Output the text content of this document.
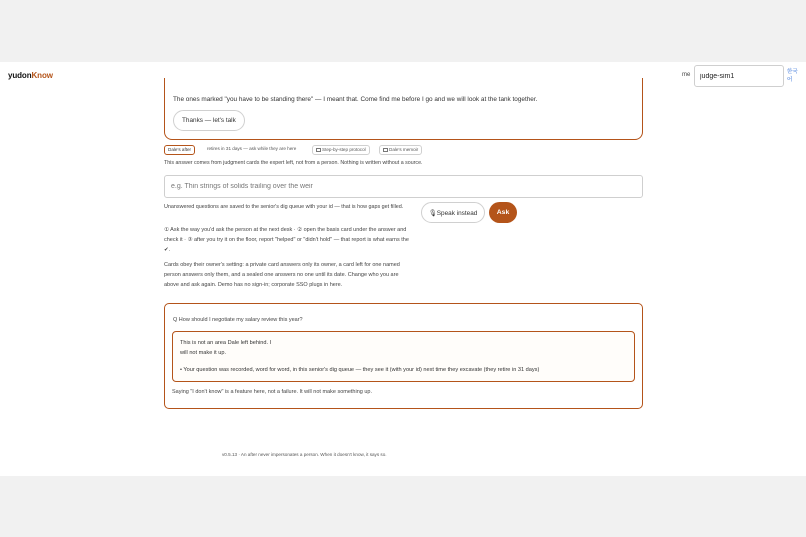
yudonKnow	me
judge-sim1	한국어

The ones marked "you have to be standing there" — I meant that. Come find me before I go and we will look at the tank together.

Thanks — let's talk
Dale's after	retires in 31 days — ask while they are here	Step-by-step protocol	Dale's memoir

This answer comes from judgment cards the expert left, not from a person. Nothing is written without a source.

e.g. Thin strings of solids trailing over the weir

Unanswered questions are saved to the senior's dig queue with your id — that is how gaps get filled.

🎙Speak instead	Ask

① Ask the way you'd ask the person at the next desk · ② open the basis card under the answer and check it · ③ after you try it on the floor, report "helped" or "didn't hold" — that report is what earns the ✔.

Cards obey their owner's setting: a private card answers only its owner, a card left for one named person answers only them, and a sealed one answers no one until its date. Change who you are above and ask again. Demo has no sign-in; corporate SSO plugs in here.

Q How should I negotiate my salary review this year?

This is not an area Dale left behind. I will not make it up.

• Your question was recorded, word for word, in this senior's dig queue — they see it (with your id) next time they excavate (they retire in 31 days)

Saying "I don't know" is a feature here, not a failure. It will not make something up.

v0.5.13 · An after never impersonates a person. When it doesn't know, it says so.
